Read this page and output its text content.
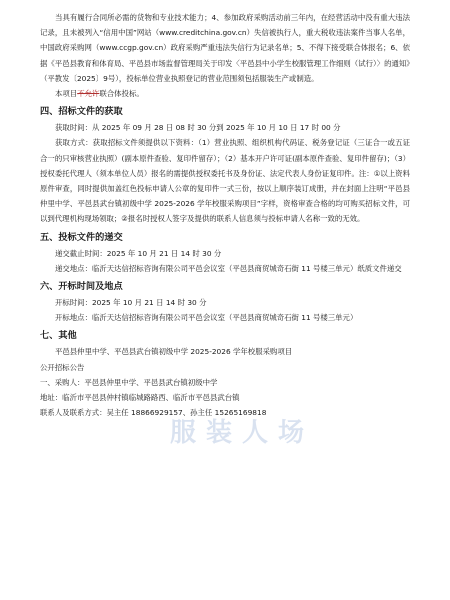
当具有履行合同所必需的货物和专业技术能力；4、参加政府采购活动前三年内，在经营活动中没有重大违法记录，且未被列入“信用中国”网站（www.creditchina.gov.cn）失信被执行人，重大税收违法案件当事人名单，中国政府采购网（www.ccgp.gov.cn）政府采购严重违法失信行为记录名单；5、不得下接受联合体报名；6、依据《平邑县教育和体育局、平邑县市场监督管理局关于印发〈平邑县中小学生校服管理工作细则（试行）〉的通知》（平教发〔2025〕9号），投标单位营业执照登记的营业范围须包括服装生产或制造。

本项目不允许联合体投标。

四、招标文件的获取

获取时间：从 2025 年 09 月 28 日 08 时 30 分到 2025 年 10 月 10 日 17 时 00 分

获取方式：获取招标文件须提供以下资料：（1）营业执照、组织机构代码证、税务登记证（三证合一或五证合一的只审核营业执照）(副本原件查验、复印件留存）；（2）基本开户许可证(副本原件查验、复印件留存)；（3）授权委托代理人（须本单位人员）报名的需提供授权委托书及身份证、法定代表人身份证复印件。注：①以上资料原件审查，同时提供加盖红色投标申请人公章的复印件一式三份，按以上顺序装订成册，并在封面上注明“平邑县仲里中学、平邑县武台镇初级中学 2025-2026 学年校服采购项目”字样，资格审查合格的均可购买招标文件，可以到代理机构现场领取；②报名时授权人签字及提供的联系人信息须与投标申请人名称一致的无效。

五、投标文件的递交

递交截止时间：2025 年 10 月 21 日 14 时 30 分

递交地点：临沂天达信招标咨询有限公司平邑会议室（平邑县商贸城奇石街 11 号楼三单元）纸质文件递交

六、开标时间及地点

开标时间：2025 年 10 月 21 日 14 时 30 分

开标地点：临沂天达信招标咨询有限公司平邑会议室（平邑县商贸城奇石街 11 号楼三单元）

七、其他

平邑县仲里中学、平邑县武台镇初级中学 2025-2026 学年校服采购项目

公开招标公告

一、采购人：平邑县仲里中学、平邑县武台镇初级中学

地址：临沂市平邑县仲村镇临城路路西、临沂市平邑县武台镇

联系人及联系方式：吴主任 18866929157、孙主任 15265169818

服装人场
